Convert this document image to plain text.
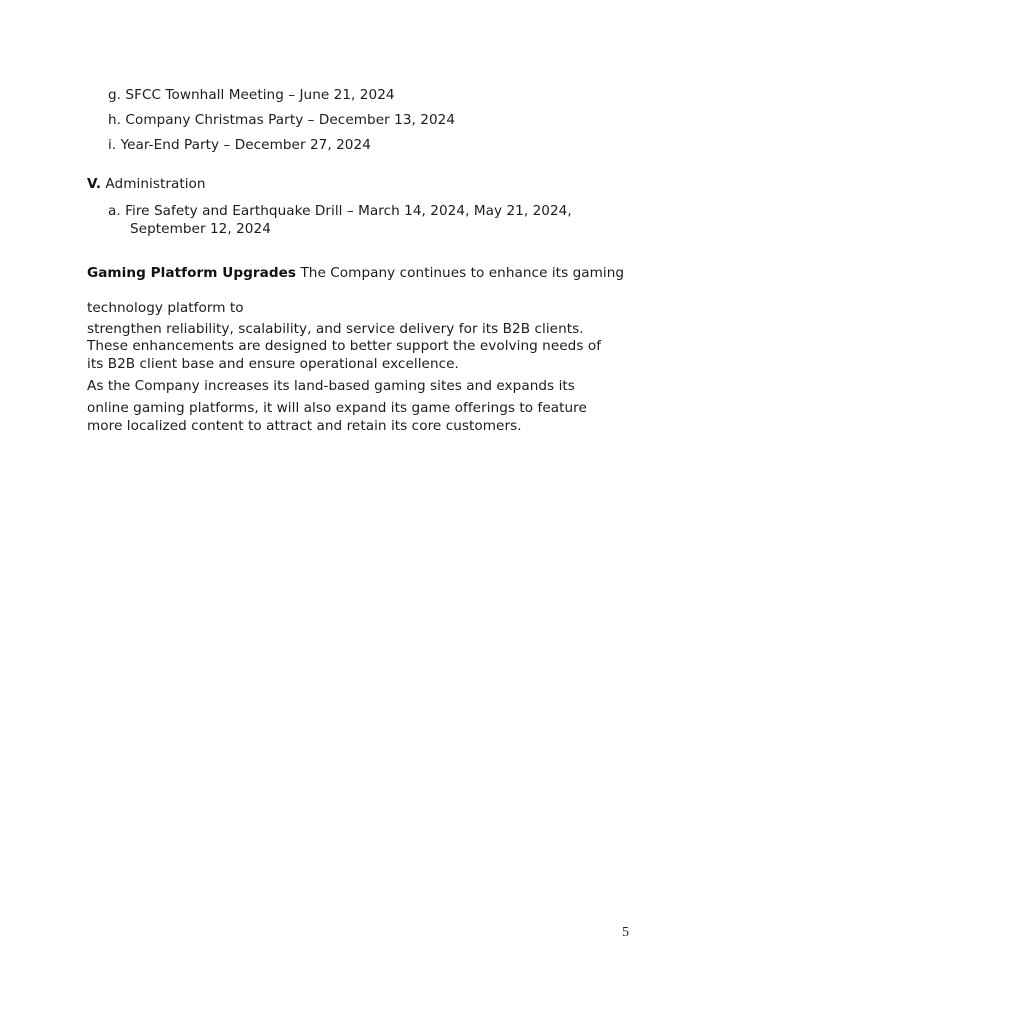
g. SFCC Townhall Meeting – June 21, 2024
h. Company Christmas Party – December 13, 2024
i. Year-End Party – December 27, 2024
V. Administration
a. Fire Safety and Earthquake Drill – March 14, 2024, May 21, 2024,
September 12, 2024
Gaming Platform Upgrades The Company continues to enhance its gaming
technology platform to
strengthen reliability, scalability, and service delivery for its B2B clients.
These enhancements are designed to better support the evolving needs of
its B2B client base and ensure operational excellence.
As the Company increases its land-based gaming sites and expands its
online gaming platforms, it will also expand its game offerings to feature
more localized content to attract and retain its core customers.
5
